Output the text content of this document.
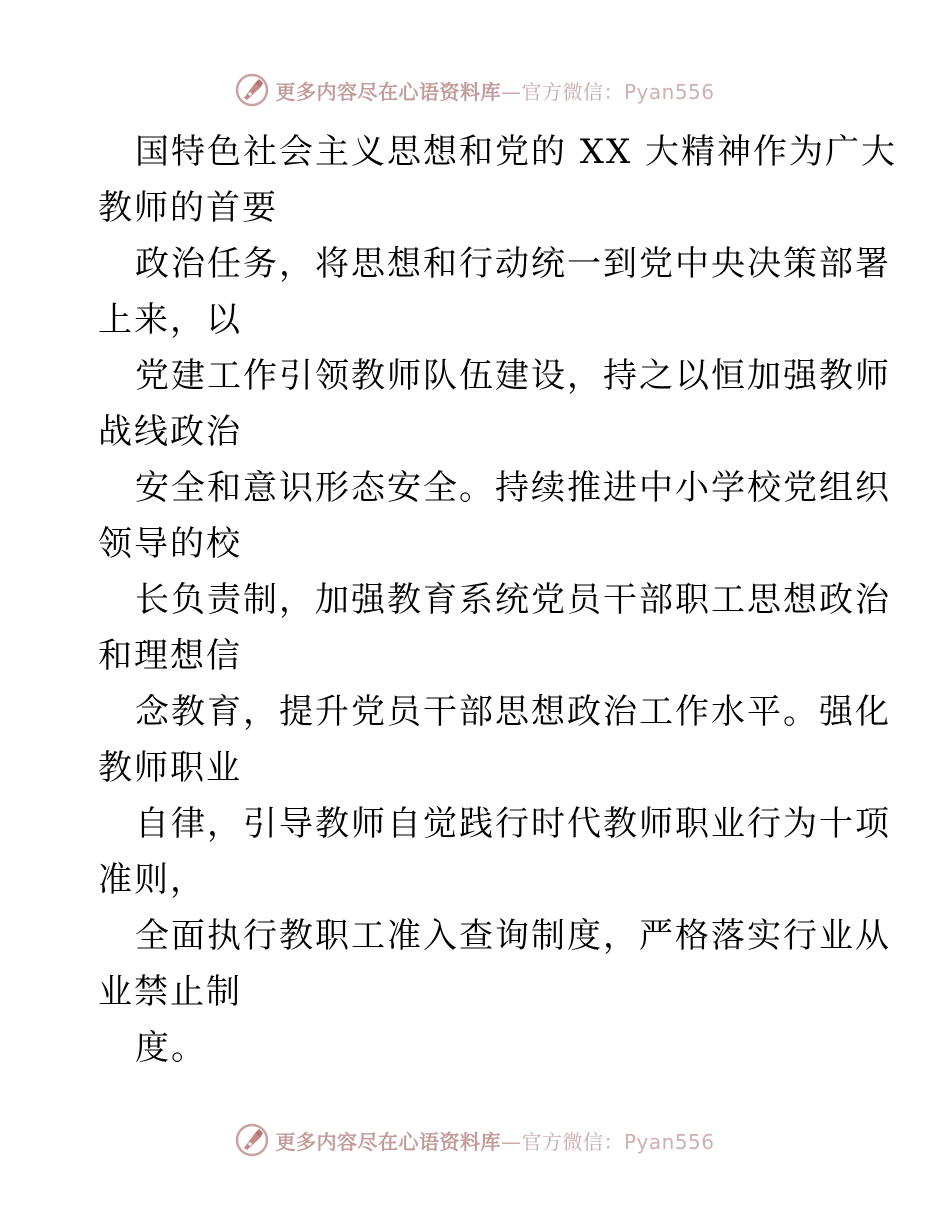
更多内容尽在心语资料库—官方微信：Pyan556
国特色社会主义思想和党的 XX 大精神作为广大
教师的首要
政治任务，将思想和行动统一到党中央决策部署
上来，以
党建工作引领教师队伍建设，持之以恒加强教师
战线政治
安全和意识形态安全。持续推进中小学校党组织
领导的校
长负责制，加强教育系统党员干部职工思想政治
和理想信
念教育，提升党员干部思想政治工作水平。强化
教师职业
自律，引导教师自觉践行时代教师职业行为十项
准则，
全面执行教职工准入查询制度，严格落实行业从
业禁止制
度。
更多内容尽在心语资料库—官方微信：Pyan556
